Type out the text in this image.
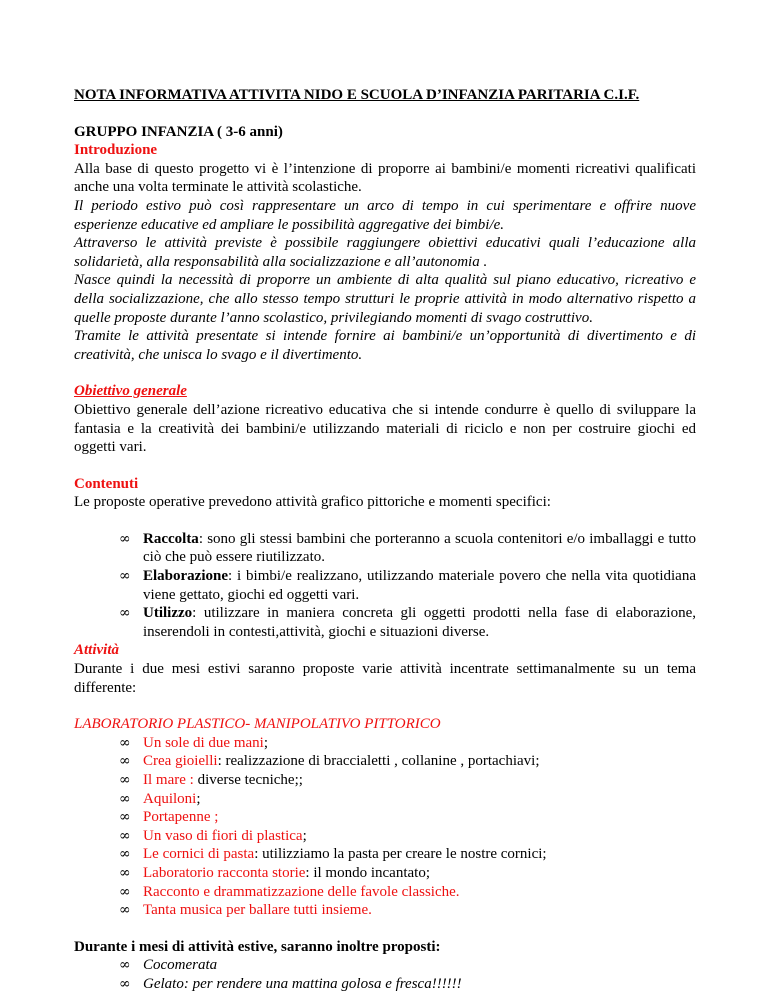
NOTA INFORMATIVA ATTIVITA NIDO E SCUOLA D’INFANZIA PARITARIA C.I.F.

GRUPPO INFANZIA ( 3-6 anni)

Introduzione

Alla base di questo progetto vi è l’intenzione di proporre ai bambini/e momenti ricreativi qualificati anche una volta terminate le attività scolastiche.

Il periodo estivo può così rappresentare un arco di tempo in cui sperimentare e offrire nuove esperienze educative ed ampliare le possibilità aggregative dei bimbi/e.

Attraverso le attività previste è possibile raggiungere obiettivi educativi quali l’educazione alla solidarietà, alla responsabilità alla socializzazione e all’autonomia .

Nasce quindi la necessità di proporre un ambiente di alta qualità sul piano educativo, ricreativo e della socializzazione, che allo stesso tempo strutturi le proprie attività in modo alternativo rispetto a quelle proposte durante l’anno scolastico, privilegiando momenti di svago costruttivo.

Tramite le attività presentate si intende fornire ai bambini/e un’opportunità di divertimento e di creatività, che unisca lo svago e il divertimento.

Obiettivo generale

Obiettivo generale dell’azione ricreativo educativa che si intende condurre è quello di sviluppare la fantasia e la creatività dei bambini/e utilizzando materiali di riciclo e non per costruire giochi ed oggetti vari.

Contenuti

Le proposte operative prevedono attività grafico pittoriche e momenti specifici:

∞ Raccolta: sono gli stessi bambini che porteranno a scuola contenitori e/o imballaggi e tutto ciò che può essere riutilizzato.
∞ Elaborazione: i bimbi/e realizzano, utilizzando materiale povero che nella vita quotidiana viene gettato, giochi ed oggetti vari.
∞ Utilizzo: utilizzare in maniera concreta gli oggetti prodotti nella fase di elaborazione, inserendoli in contesti,attività, giochi e situazioni diverse.

Attività

Durante i due mesi estivi saranno proposte varie attività incentrate settimanalmente su un tema differente:

LABORATORIO PLASTICO- MANIPOLATIVO PITTORICO

∞ Un sole di due mani;
∞ Crea gioielli: realizzazione di braccialetti , collanine , portachiavi;
∞ Il mare : diverse tecniche;;
∞ Aquiloni;
∞ Portapenne ;
∞ Un vaso di fiori di plastica;
∞ Le cornici di pasta: utilizziamo la pasta per creare le nostre cornici;
∞ Laboratorio racconta storie: il mondo incantato;
∞ Racconto e drammatizzazione delle favole classiche.
∞ Tanta musica per ballare tutti insieme.

Durante i mesi di attività estive, saranno inoltre proposti:

∞ Cocomerata
∞ Gelato: per rendere una mattina golosa e fresca!!!!!!
